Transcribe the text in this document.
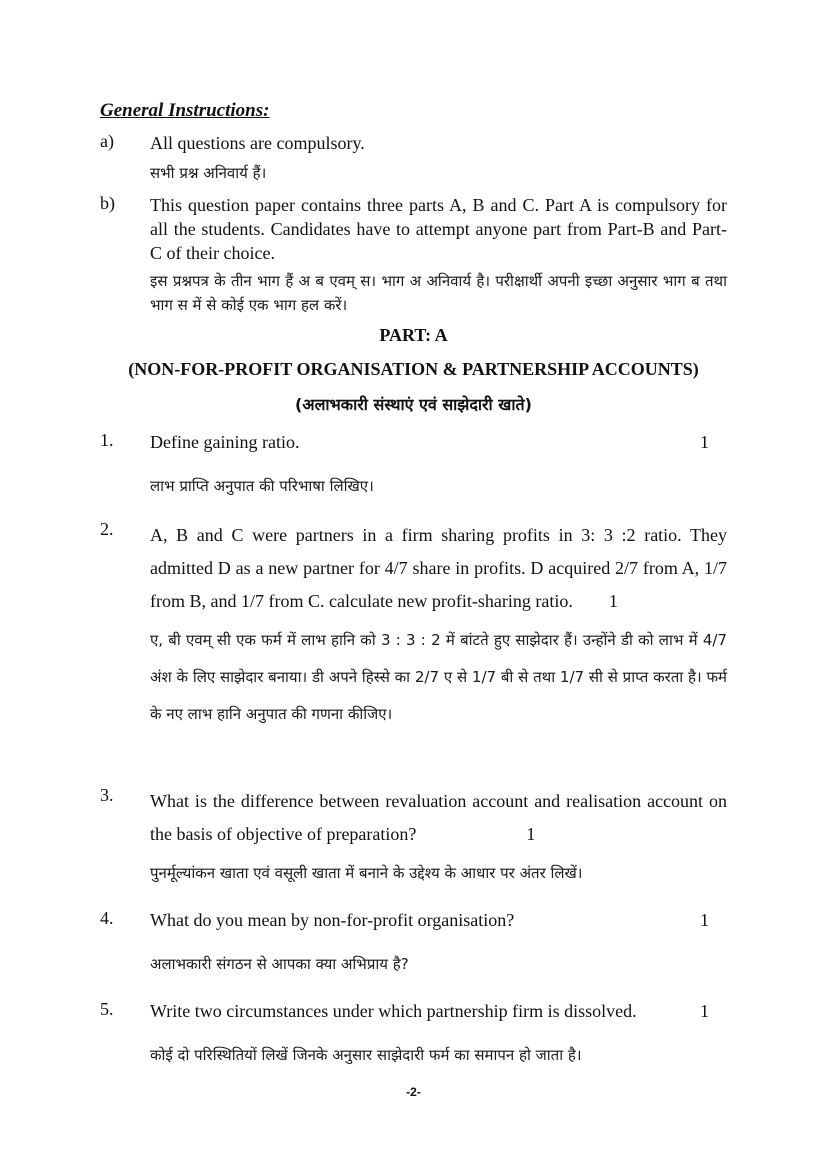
General Instructions:
a) All questions are compulsory.
सभी प्रश्न अनिवार्य हैं।
b) This question paper contains three parts A, B and C. Part A is compulsory for all the students. Candidates have to attempt anyone part from Part-B and Part- C of their choice.
इस प्रश्नपत्र के तीन भाग हैं अ ब एवम् स। भाग अ अनिवार्य है। परीक्षार्थी अपनी इच्छा अनुसार भाग ब तथा भाग स में से कोई एक भाग हल करें।
PART: A
(NON-FOR-PROFIT ORGANISATION & PARTNERSHIP ACCOUNTS)
(अलाभकारी संस्थाएं एवं साझेदारी खाते)
1.	1
Define gaining ratio.
लाभ प्राप्ति अनुपात की परिभाषा लिखिए।
2. A, B and C were partners in a firm sharing profits in 3: 3 :2 ratio. They admitted D as a new partner for 4/7 share in profits. D acquired 2/7 from A, 1/7 from B, and 1/7 from C. calculate new profit-sharing ratio. 1
ए, बी एवम् सी एक फर्म में लाभ हानि को 3 : 3 : 2 में बांटते हुए साझेदार हैं। उन्होंने डी को लाभ में 4/7 अंश के लिए साझेदार बनाया। डी अपने हिस्से का 2/7 ए से 1/7 बी से तथा 1/7 सी से प्राप्त करता है। फर्म के नए लाभ हानि अनुपात की गणना कीजिए।
3. What is the difference between revaluation account and realisation account on the basis of objective of preparation?	1
पुनर्मूल्यांकन खाता एवं वसूली खाता में बनाने के उद्देश्य के आधार पर अंतर लिखें।
4.	1
What do you mean by non-for-profit organisation?
अलाभकारी संगठन से आपका क्या अभिप्राय है?
5.	1
Write two circumstances under which partnership firm is dissolved.
कोई दो परिस्थितियों लिखें जिनके अनुसार साझेदारी फर्म का समापन हो जाता है।
-2-
